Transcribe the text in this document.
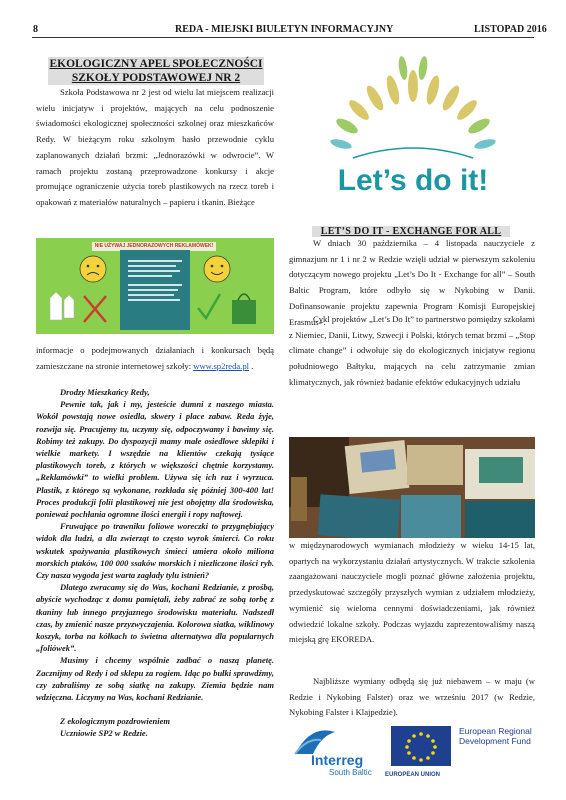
8	REDA - MIEJSKI BIULETYN INFORMACYJNY	LISTOPAD 2016
EKOLOGICZNY APEL SPOŁECZNOŚCI
SZKOŁY PODSTAWOWEJ NR 2

Szkoła Podstawowa nr 2 jest od wielu lat miejscem realizacji wielu inicjatyw i projektów, mających na celu podnoszenie świadomości ekologicznej społeczności szkolnej oraz mieszkańców Redy. W bieżącym roku szkolnym hasło przewodnie cyklu zaplanowanych działań brzmi: „Jednorazówki w odwrocie”. W ramach projektu zostaną przeprowadzone konkursy i akcje promujące ograniczenie użycia toreb plastikowych na rzecz toreb i opakowań z materiałów naturalnych – papieru i tkanin. Bieżące

NIE UŻYWAJ JEDNORAZOWYCH REKLAMÓWEK!

informacje o podejmowanych działaniach i konkursach będą zamieszczane na stronie internetowej szkoły: www.sp2reda.pl .

Drodzy Mieszkańcy Redy,

Pewnie tak, jak i my, jesteście dumni z naszego miasta. Wokół powstają nowe osiedla, skwery i place zabaw. Reda żyje, rozwija się. Pracujemy tu, uczymy się, odpoczywamy i bawimy się. Robimy też zakupy. Do dyspozycji mamy małe osiedlowe sklepiki i wielkie markety. I wszędzie na klientów czekają tysiące plastikowych toreb, z których w większości chętnie korzystamy. „Reklamówki” to wielki problem. Używa się ich raz i wyrzuca. Plastik, z którego są wykonane, rozkłada się później 300-400 lat! Proces produkcji folii plastikowej nie jest obojętny dla środowiska, ponieważ pochłania ogromne ilości energii i ropy naftowej.

Fruwające po trawniku foliowe woreczki to przygnębiający widok dla ludzi, a dla zwierząt to często wyrok śmierci. Co roku wskutek spożywania plastikowych śmieci umiera około miliona morskich ptaków, 100 000 ssaków morskich i niezliczone ilości ryb. Czy nasza wygoda jest warta zagłady tylu istnień?

Dlatego zwracamy się do Was, kochani Redzianie, z prośbą, abyście wychodząc z domu pamiętali, żeby zabrać ze sobą torbę z tkaniny lub innego przyjaznego środowisku materiału. Nadszedł czas, by zmienić nasze przyzwyczajenia. Kolorowa siatka, wiklinowy koszyk, torba na kółkach to świetna alternatywa dla popularnych „foliówek”.

Musimy i chcemy wspólnie zadbać o naszą planetę. Zacznijmy od Redy i od sklepu za rogiem. Idąc po bułki sprawdźmy, czy zabraliśmy ze sobą siatkę na zakupy. Ziemia będzie nam wdzięczna. Liczymy na Was, kochani Redzianie.

Z ekologicznym pozdrowieniem

Uczniowie SP2 w Redzie.

Let’s do it!
LET’S DO IT - EXCHANGE FOR ALL

W dniach 30 października – 4 listopada nauczyciele z gimnazjum nr 1 i nr 2 w Redzie wzięli udział w pierwszym szkoleniu dotyczącym nowego projektu „Let’s Do It - Exchange for all” – South Baltic Program, które odbyło się w Nykobing w Danii. Dofinansowanie projektu zapewnia Program Komisji Europejskiej Erasmus+.

Cykl projektów „Let’s Do It” to partnerstwo pomiędzy szkołami z Niemiec, Danii, Litwy, Szwecji i Polski, których temat brzmi – „Stop climate change” i odwołuje się do ekologicznych inicjatyw regionu południowego Bałtyku, mających na celu zatrzymanie zmian klimatycznych, jak również badanie efektów edukacyjnych udziału

w międzynarodowych wymianach młodzieży w wieku 14-15 lat, opartych na wykorzystaniu działań artystycznych. W trakcie szkolenia zaangażowani nauczyciele mogli poznać główne założenia projektu, przedyskutować szczegóły przyszłych wymian z udziałem młodzieży, wymienić się wieloma cennymi doświadczeniami, jak również odwiedzić lokalne szkoły. Podczas wyjazdu zaprezentowaliśmy naszą miejską grę EKOREDA.

Najbliższe wymiany odbędą się już niebawem – w maju (w Redzie i Nykobing Falster) oraz we wrześniu 2017 (w Redzie, Nykobing Falster i Klajpedzie).

Interreg
South Baltic EUROPEAN UNION
European Regional Development Fund
